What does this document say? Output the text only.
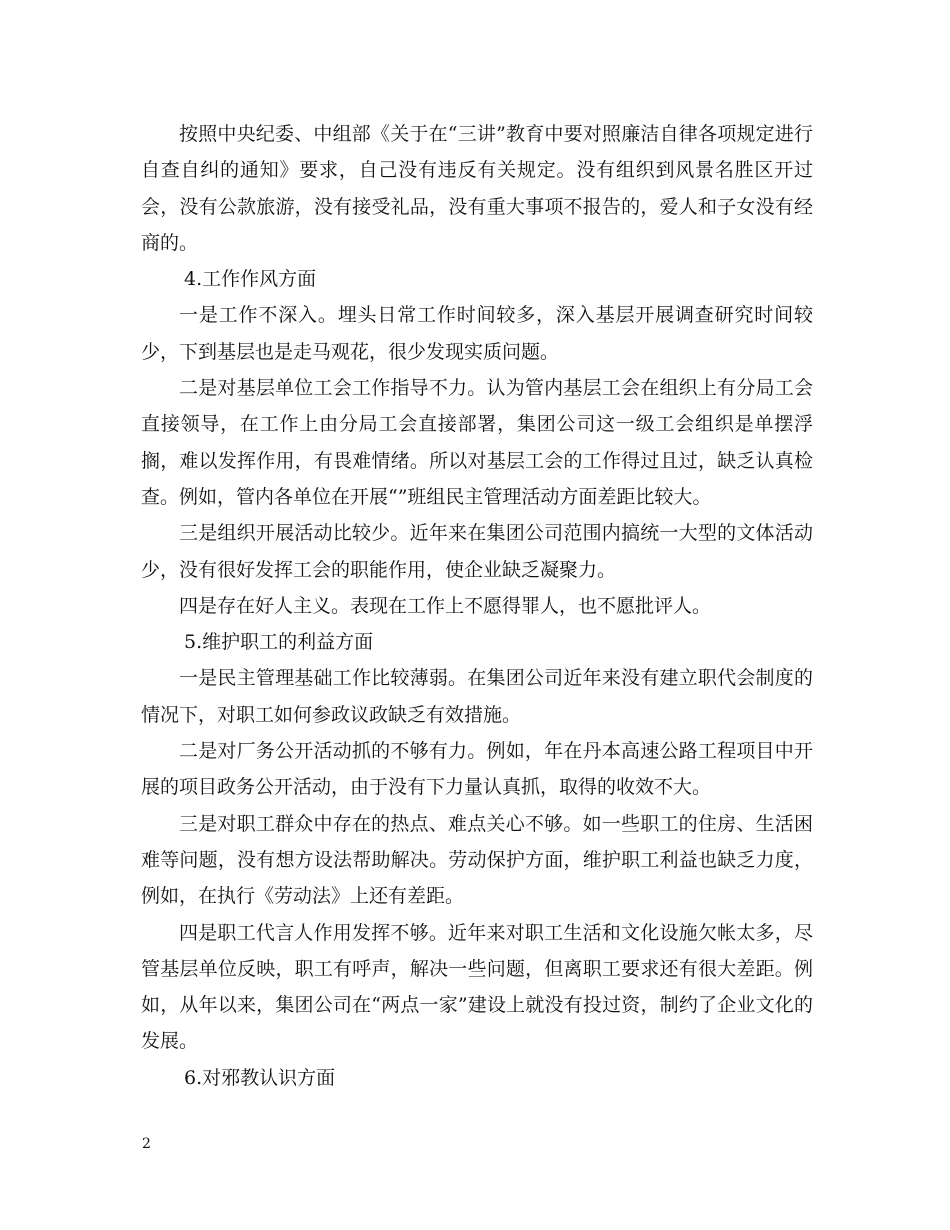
按照中央纪委、中组部《关于在“三讲”教育中要对照廉洁自律各项规定进行自查自纠的通知》要求，自己没有违反有关规定。没有组织到风景名胜区开过会，没有公款旅游，没有接受礼品，没有重大事项不报告的，爱人和子女没有经商的。

4.工作作风方面

一是工作不深入。埋头日常工作时间较多，深入基层开展调查研究时间较少，下到基层也是走马观花，很少发现实质问题。

二是对基层单位工会工作指导不力。认为管内基层工会在组织上有分局工会直接领导，在工作上由分局工会直接部署，集团公司这一级工会组织是单摆浮搁，难以发挥作用，有畏难情绪。所以对基层工会的工作得过且过，缺乏认真检查。例如，管内各单位在开展“”班组民主管理活动方面差距比较大。

三是组织开展活动比较少。近年来在集团公司范围内搞统一大型的文体活动少，没有很好发挥工会的职能作用，使企业缺乏凝聚力。

四是存在好人主义。表现在工作上不愿得罪人，也不愿批评人。

5.维护职工的利益方面

一是民主管理基础工作比较薄弱。在集团公司近年来没有建立职代会制度的情况下，对职工如何参政议政缺乏有效措施。

二是对厂务公开活动抓的不够有力。例如，年在丹本高速公路工程项目中开展的项目政务公开活动，由于没有下力量认真抓，取得的收效不大。

三是对职工群众中存在的热点、难点关心不够。如一些职工的住房、生活困难等问题，没有想方设法帮助解决。劳动保护方面，维护职工利益也缺乏力度，例如，在执行《劳动法》上还有差距。

四是职工代言人作用发挥不够。近年来对职工生活和文化设施欠帐太多，尽管基层单位反映，职工有呼声，解决一些问题，但离职工要求还有很大差距。例如，从年以来，集团公司在“两点一家”建设上就没有投过资，制约了企业文化的发展。

6.对邪教认识方面

2
